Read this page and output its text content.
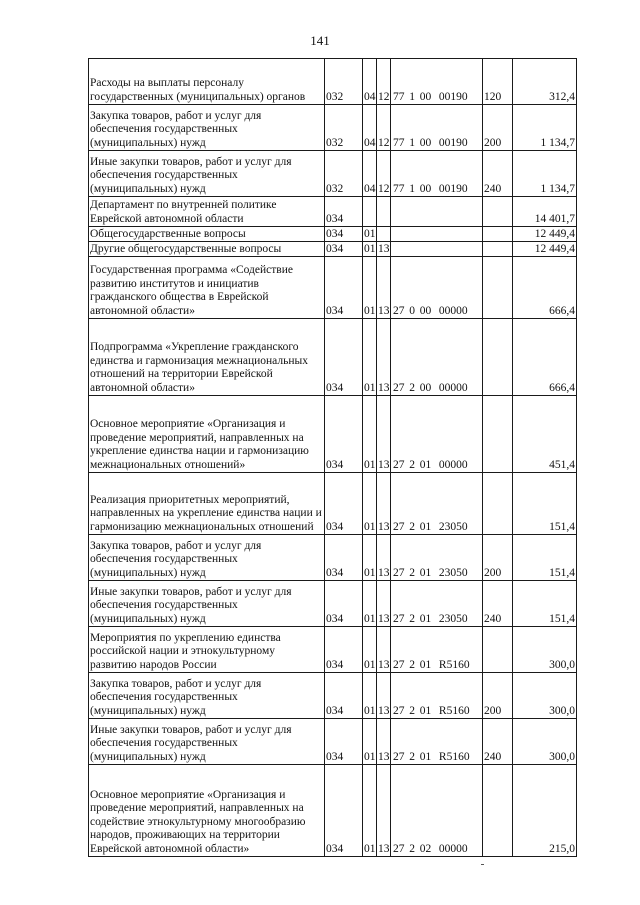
141
Расходы на выплаты персоналу государственных (муниципальных) органов	032	04	12	77 1 00 00190	120	312,4
Закупка товаров, работ и услуг для обеспечения государственных (муниципальных) нужд	032	04	12	77 1 00 00190	200	1 134,7
Иные закупки товаров, работ и услуг для обеспечения государственных (муниципальных) нужд	032	04	12	77 1 00 00190	240	1 134,7
Департамент по внутренней политике Еврейской автономной области	034					14 401,7
Общегосударственные вопросы	034	01				12 449,4
Другие общегосударственные вопросы	034	01	13			12 449,4
Государственная программа «Содействие развитию институтов и инициатив гражданского общества в Еврейской автономной области»	034	01	13	27 0 00 00000		666,4
Подпрограмма «Укрепление гражданского единства и гармонизация межнациональных отношений на территории Еврейской автономной области»	034	01	13	27 2 00 00000		666,4
Основное мероприятие «Организация и проведение мероприятий, направленных на укрепление единства нации и гармонизацию межнациональных отношений»	034	01	13	27 2 01 00000		451,4
Реализация приоритетных мероприятий, направленных на укрепление единства нации и гармонизацию межнациональных отношений	034	01	13	27 2 01 23050		151,4
Закупка товаров, работ и услуг для обеспечения государственных (муниципальных) нужд	034	01	13	27 2 01 23050	200	151,4
Иные закупки товаров, работ и услуг для обеспечения государственных (муниципальных) нужд	034	01	13	27 2 01 23050	240	151,4
Мероприятия по укреплению единства российской нации и этнокультурному развитию народов России	034	01	13	27 2 01 R5160		300,0
Закупка товаров, работ и услуг для обеспечения государственных (муниципальных) нужд	034	01	13	27 2 01 R5160	200	300,0
Иные закупки товаров, работ и услуг для обеспечения государственных (муниципальных) нужд	034	01	13	27 2 01 R5160	240	300,0
Основное мероприятие «Организация и проведение мероприятий, направленных на содействие этнокультурному многообразию народов, проживающих на территории Еврейской автономной области»	034	01	13	27 2 02 00000		215,0
